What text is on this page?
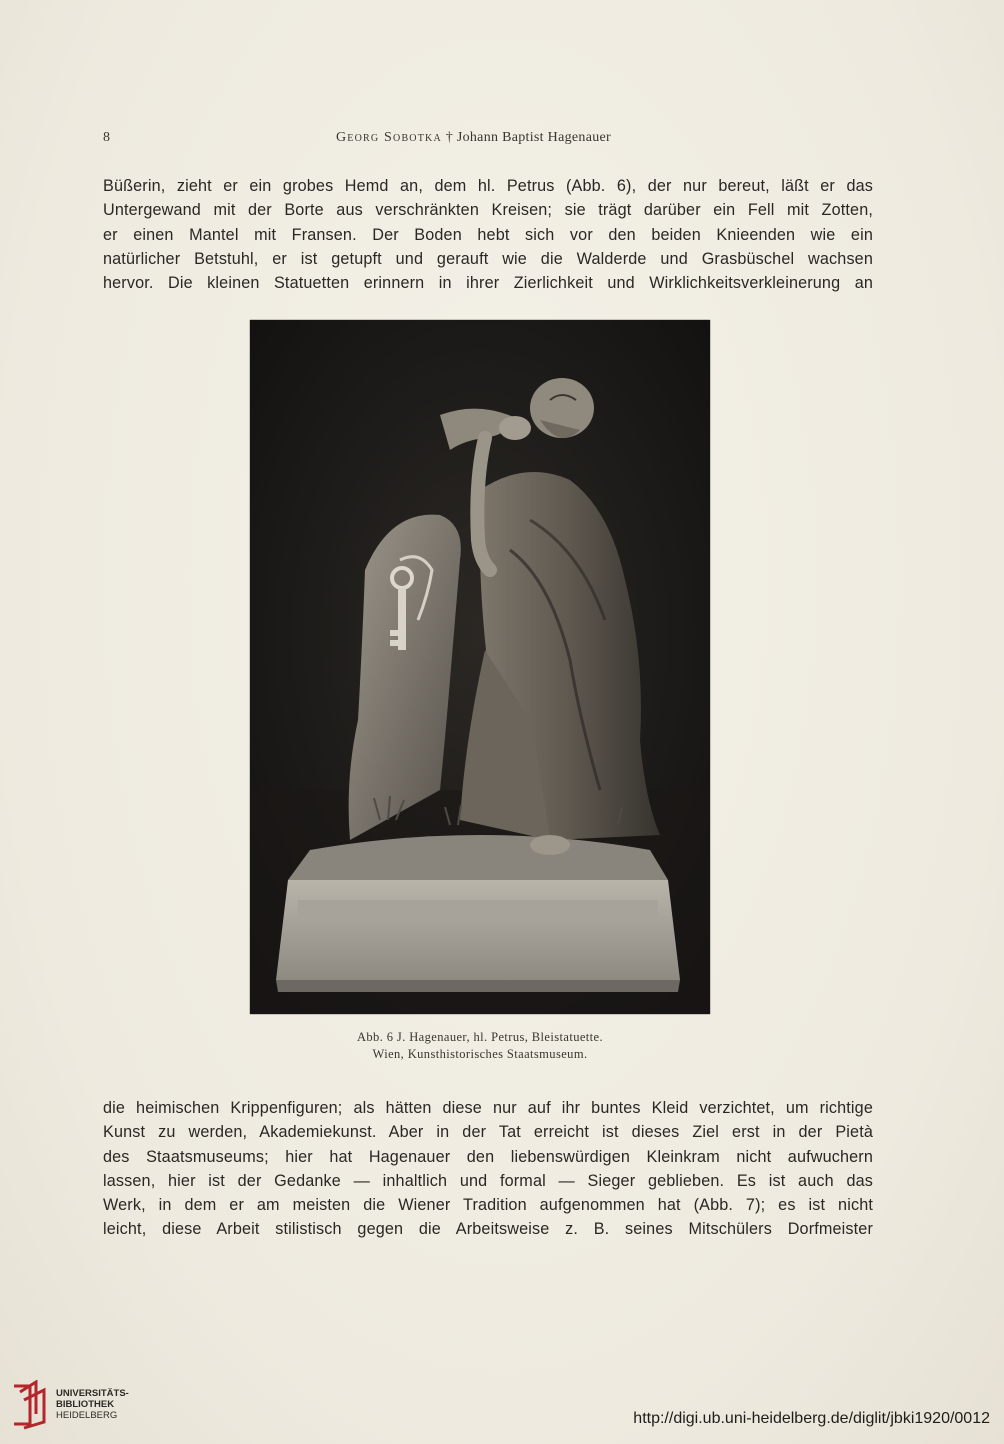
8	Georg Sobotka † Johann Baptist Hagenauer
Büßerin, zieht er ein grobes Hemd an, dem hl. Petrus (Abb. 6), der nur bereut, läßt er das
Untergewand mit der Borte aus verschränkten Kreisen; sie trägt darüber ein Fell mit Zotten,
er einen Mantel mit Fransen. Der Boden hebt sich vor den beiden Knieenden wie ein
natürlicher Betstuhl, er ist getupft und gerauft wie die Walderde und Grasbüschel wachsen
hervor. Die kleinen Statuetten erinnern in ihrer Zierlichkeit und Wirklichkeitsverkleinerung an
Abb. 6 J. Hagenauer, hl. Petrus, Bleistatuette.
Wien, Kunsthistorisches Staatsmuseum.
die heimischen Krippenfiguren; als hätten diese nur auf ihr buntes Kleid verzichtet, um richtige
Kunst zu werden, Akademiekunst. Aber in der Tat erreicht ist dieses Ziel erst in der Pietà
des Staatsmuseums; hier hat Hagenauer den liebenswürdigen Kleinkram nicht aufwuchern
lassen, hier ist der Gedanke — inhaltlich und formal — Sieger geblieben. Es ist auch das
Werk, in dem er am meisten die Wiener Tradition aufgenommen hat (Abb. 7); es ist nicht
leicht, diese Arbeit stilistisch gegen die Arbeitsweise z. B. seines Mitschülers Dorfmeister
UNIVERSITÄTS-
BIBLIOTHEK
HEIDELBERG	http://digi.ub.uni-heidelberg.de/diglit/jbki1920/0012
